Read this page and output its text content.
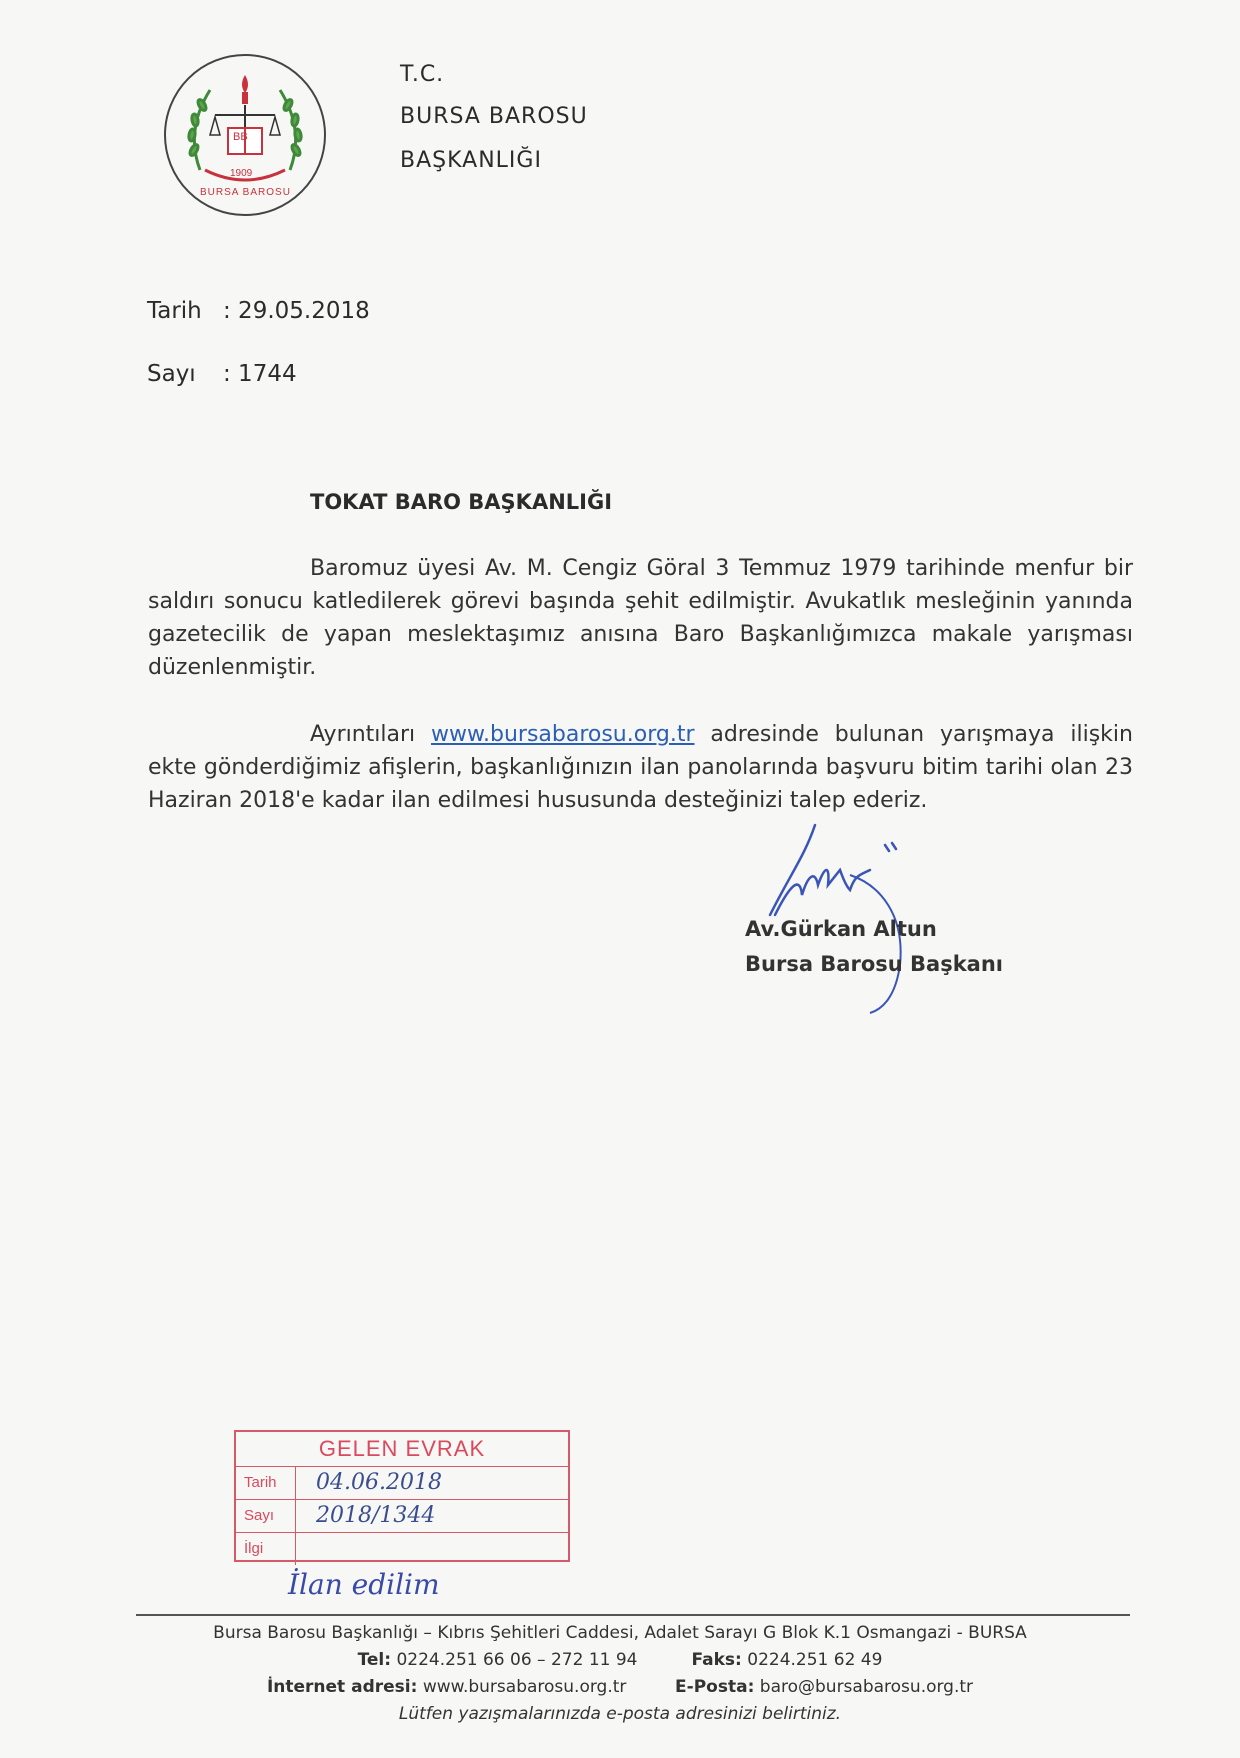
BB
1909
BURSA BAROSU
T.C.
BURSA BAROSU
BAŞKANLIĞI
Tarih : 29.05.2018
Sayı : 1744
TOKAT BARO BAŞKANLIĞI
Baromuz üyesi Av. M. Cengiz Göral 3 Temmuz 1979 tarihinde menfur bir saldırı sonucu katledilerek görevi başında şehit edilmiştir. Avukatlık mesleğinin yanında gazetecilik de yapan meslektaşımız anısına Baro Başkanlığımızca makale yarışması düzenlenmiştir.
Ayrıntıları www.bursabarosu.org.tr adresinde bulunan yarışmaya ilişkin ekte gönderdiğimiz afişlerin, başkanlığınızın ilan panolarında başvuru bitim tarihi olan 23 Haziran 2018'e kadar ilan edilmesi hususunda desteğinizi talep ederiz.
Av.Gürkan Altun
Bursa Barosu Başkanı
GELEN EVRAK
Tarih	04.06.2018
Sayı	2018/1344
İlgi
İlan edilim
Bursa Barosu Başkanlığı – Kıbrıs Şehitleri Caddesi, Adalet Sarayı G Blok K.1 Osmangazi - BURSA
Tel: 0224.251 66 06 – 272 11 94	Faks: 0224.251 62 49
İnternet adresi: www.bursabarosu.org.tr	E-Posta: baro@bursabarosu.org.tr
Lütfen yazışmalarınızda e-posta adresinizi belirtiniz.
